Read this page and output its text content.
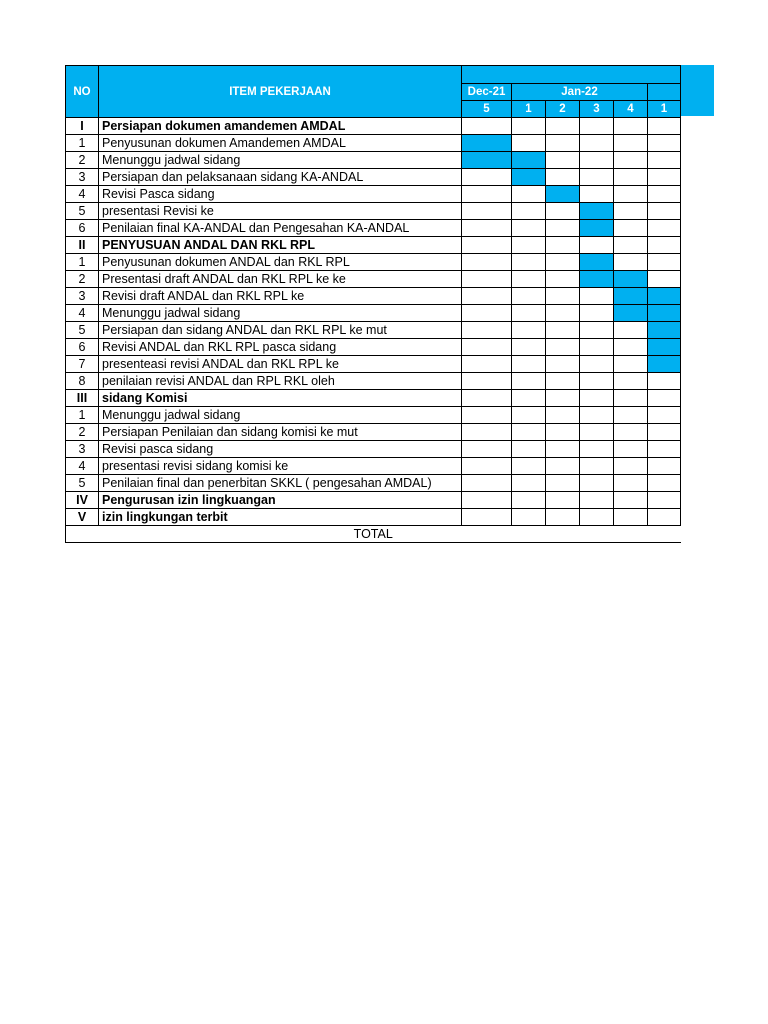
NO	ITEM PEKERJAAN						
		Dec-21	Jan-22				
		5	1	2	3	4	1
I	Persiapan dokumen amandemen AMDAL						
1	Penyusunan dokumen Amandemen AMDAL						
2	Menunggu jadwal sidang						
3	Persiapan dan pelaksanaan sidang KA-ANDAL						
4	Revisi Pasca sidang						
5	presentasi Revisi ke						
6	Penilaian final KA-ANDAL dan Pengesahan KA-ANDAL						
II	PENYUSUAN ANDAL DAN RKL RPL						
1	Penyusunan dokumen ANDAL dan RKL RPL						
2	Presentasi draft ANDAL dan RKL RPL ke ke						
3	Revisi draft ANDAL dan RKL RPL ke						
4	Menunggu jadwal sidang						
5	Persiapan dan sidang ANDAL dan RKL RPL ke mut						
6	Revisi ANDAL dan RKL RPL pasca sidang						
7	presenteasi revisi ANDAL dan RKL RPL ke						
8	penilaian revisi ANDAL dan RPL RKL oleh						
III	sidang Komisi						
1	Menunggu jadwal sidang						
2	Persiapan Penilaian dan sidang komisi ke mut						
3	Revisi pasca sidang						
4	presentasi revisi sidang komisi ke						
5	Penilaian final dan penerbitan SKKL ( pengesahan AMDAL)						
IV	Pengurusan izin lingkuangan						
V	izin lingkungan terbit						
TOTAL							
